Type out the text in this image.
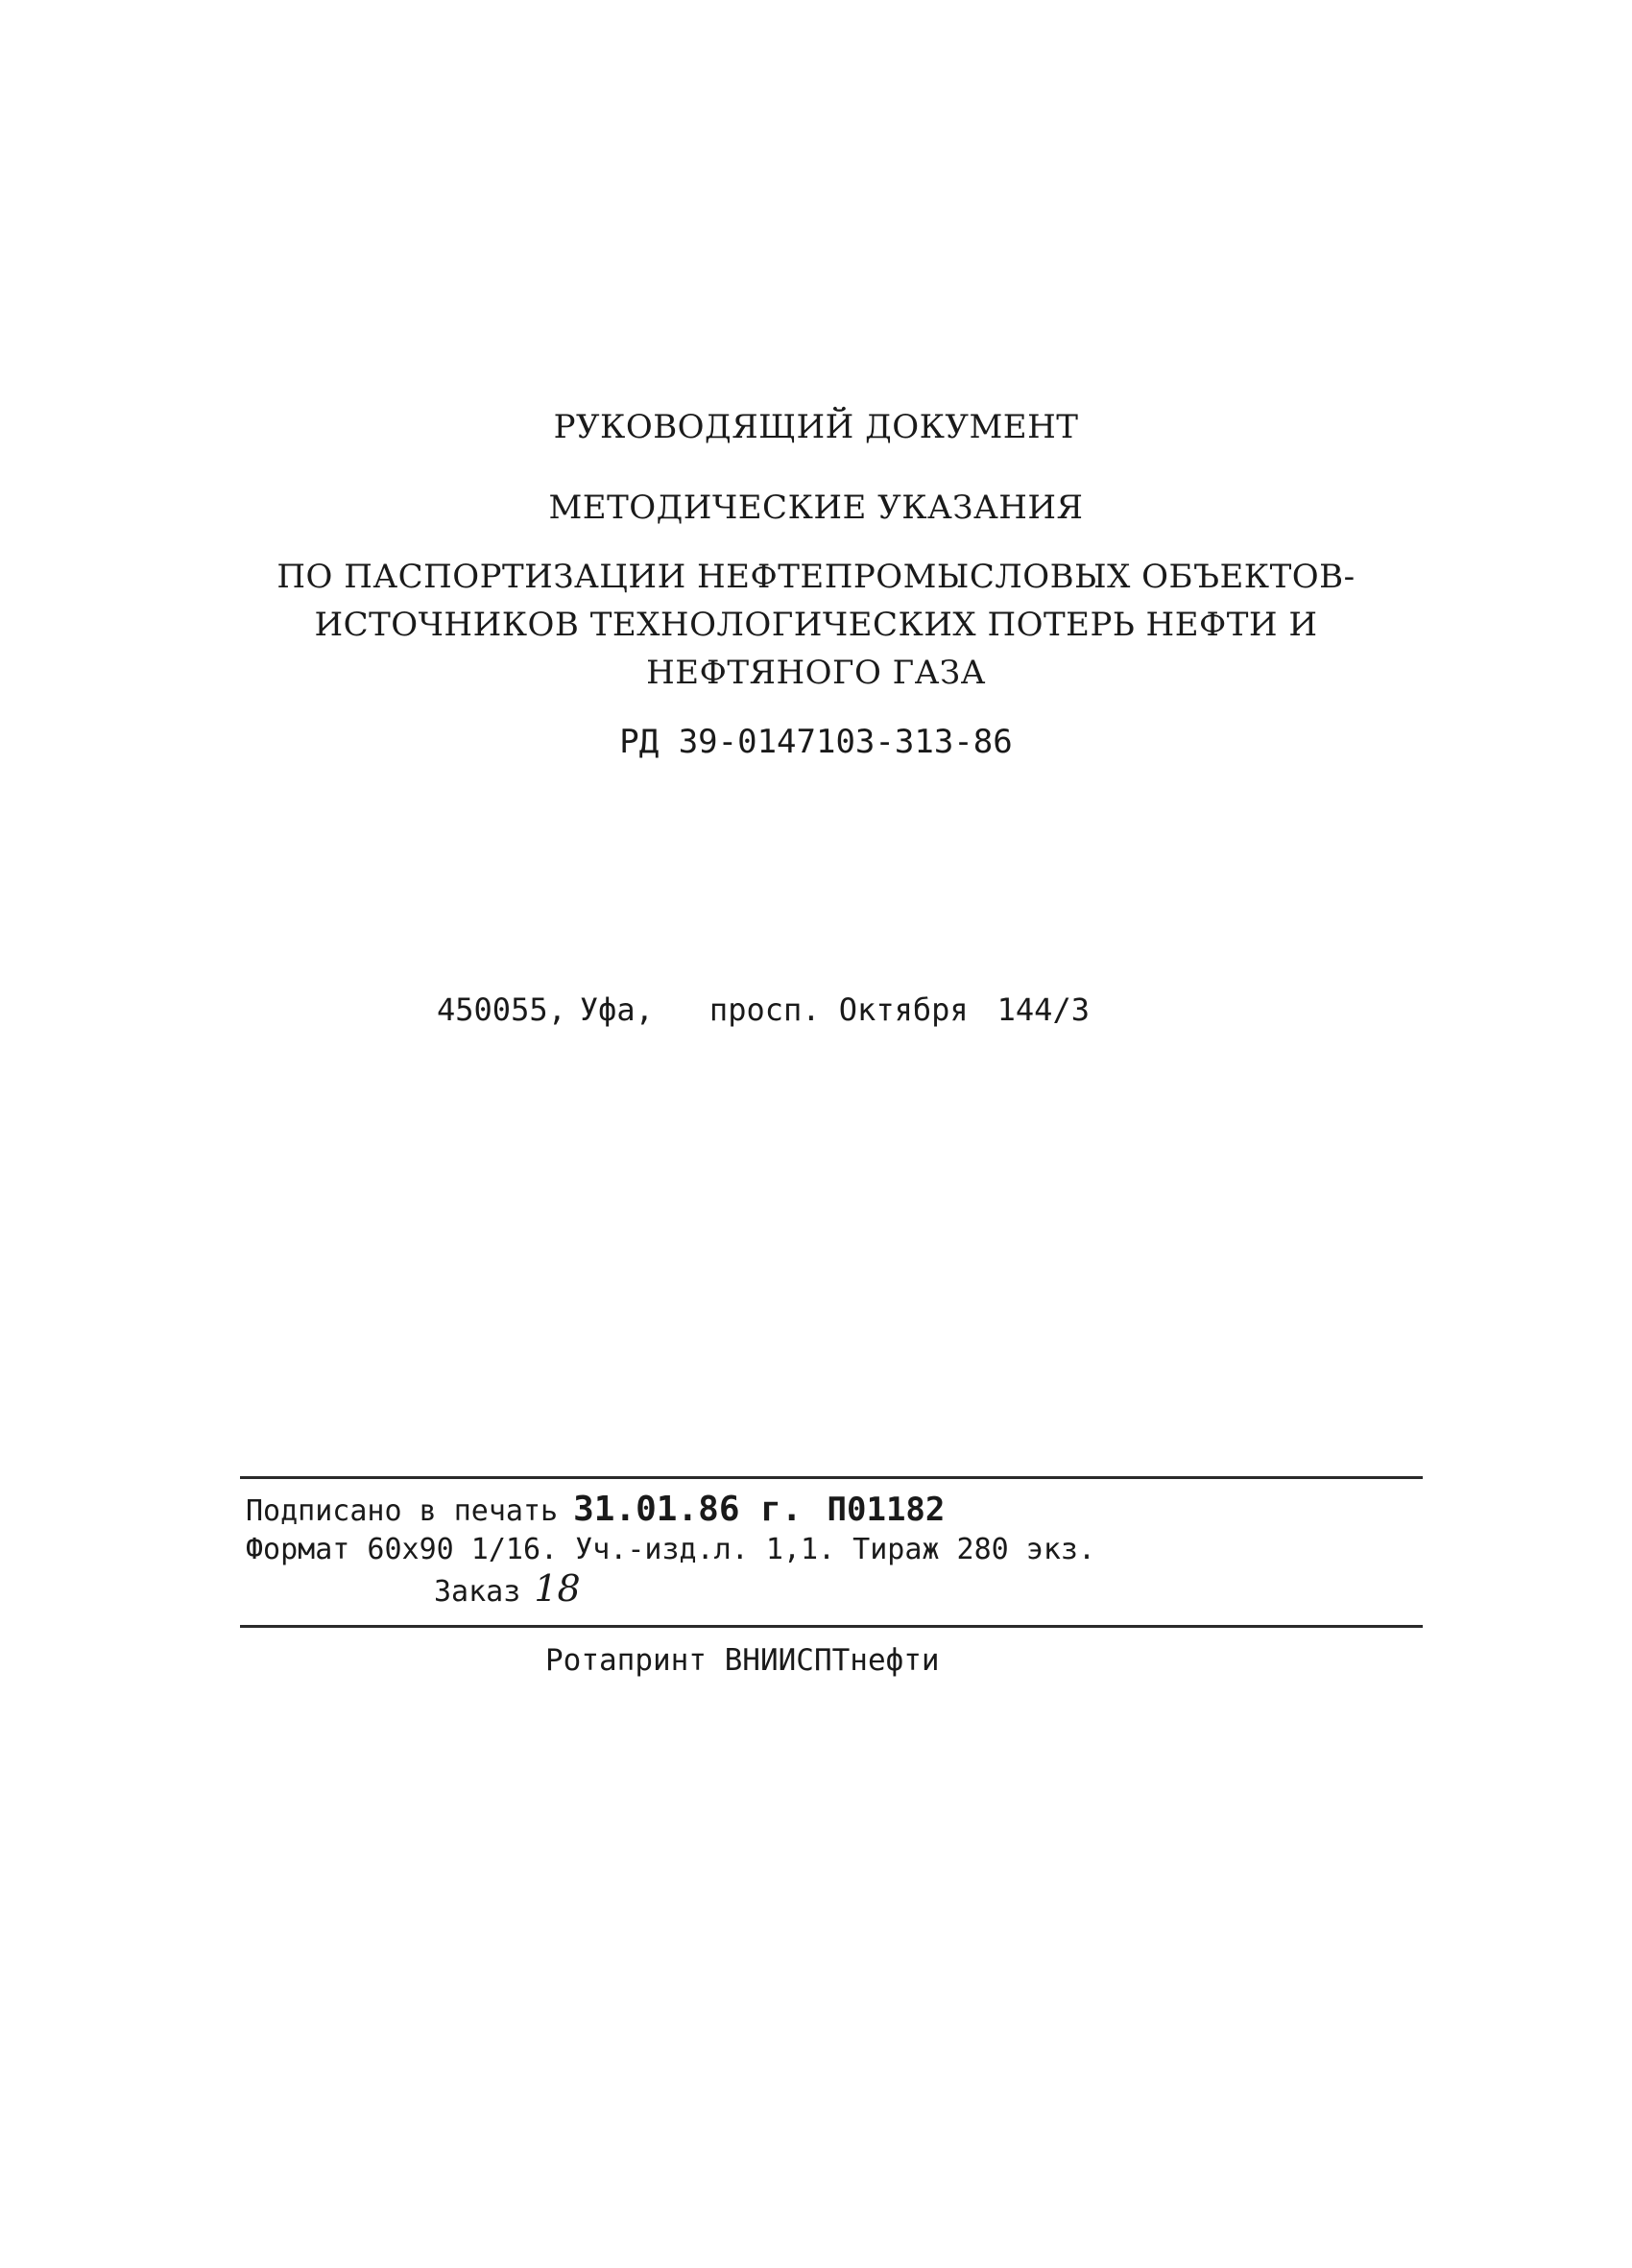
РУКОВОДЯЩИЙ ДОКУМЕНТ
МЕТОДИЧЕСКИЕ УКАЗАНИЯ
ПО ПАСПОРТИЗАЦИИ НЕФТЕПРОМЫСЛОВЫХ ОБЪЕКТОВ-
ИСТОЧНИКОВ ТЕХНОЛОГИЧЕСКИХ ПОТЕРЬ НЕФТИ И
НЕФТЯНОГО ГАЗА
РД 39-0147103-313-86
450055, Уфа, просп. Октября 144/3
Подписано в печать 31.01.86 г. П01182
Формат 60х90 1/16. Уч.-изд.л. 1,1. Тираж 280 экз.
Заказ 18
Ротапринт ВНИИСПТнефти
